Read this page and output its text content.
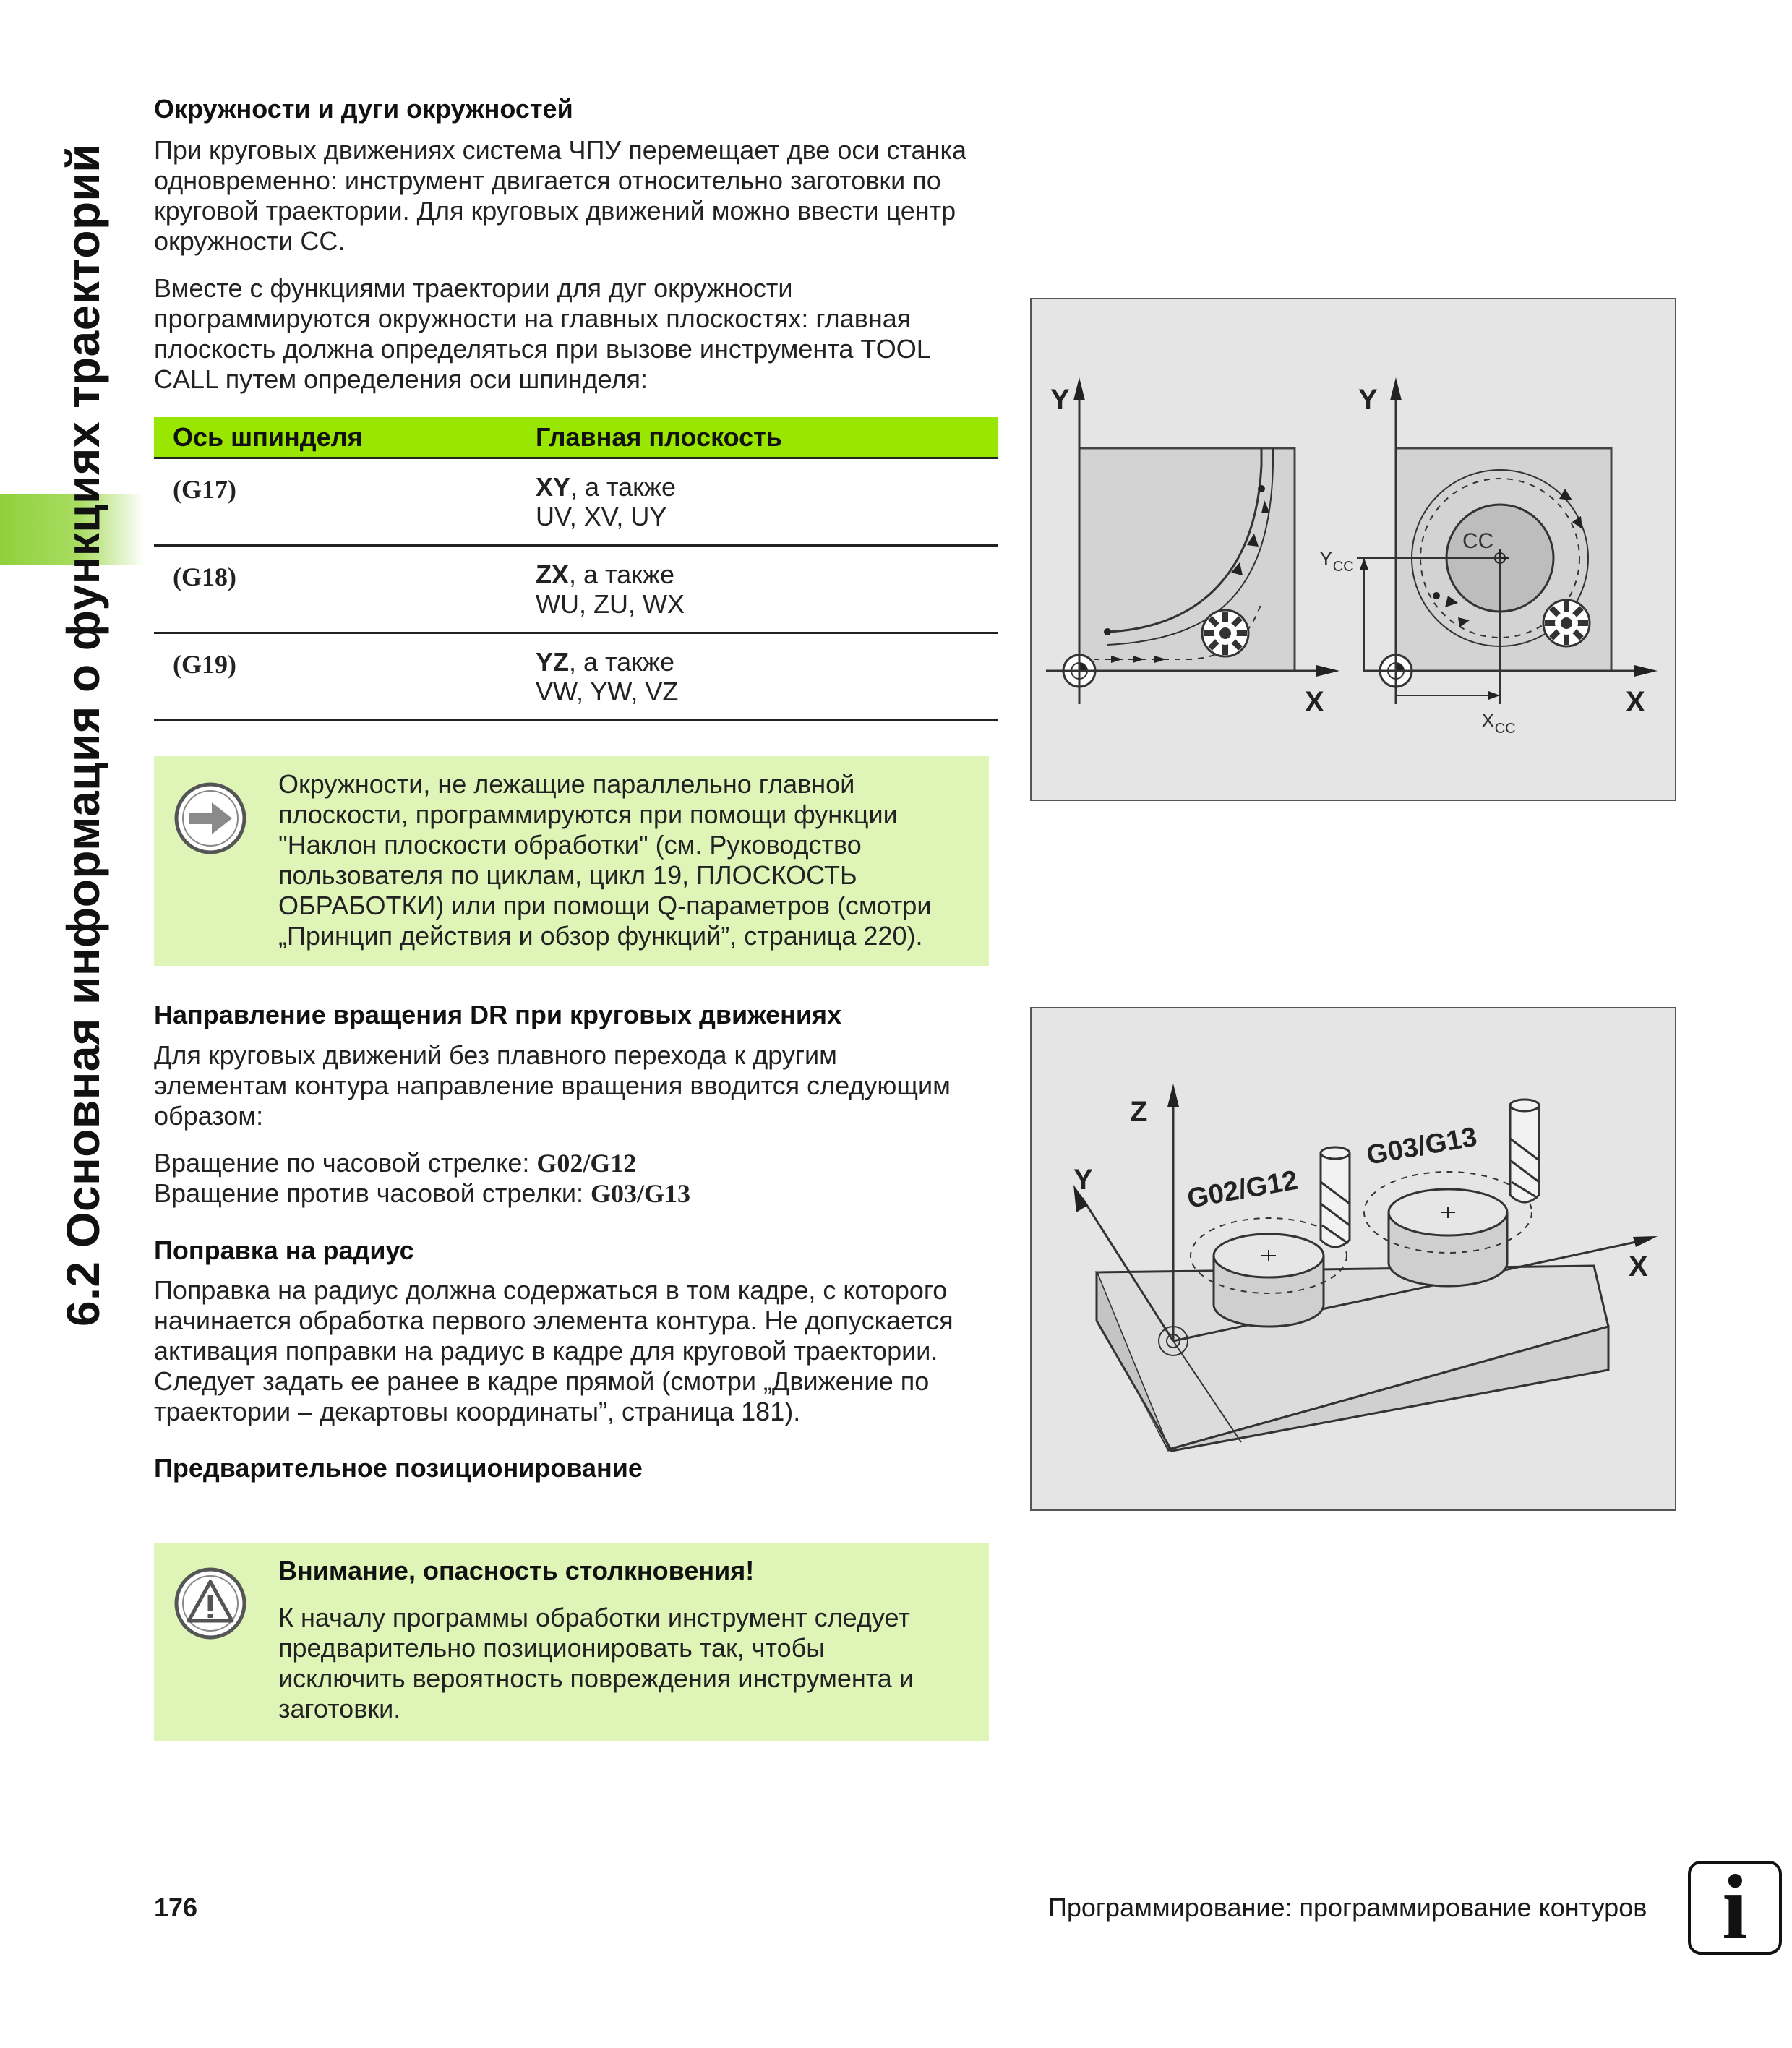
6.2 Основная информация о функциях траекторий
Окружности и дуги окружностей
При круговых движениях система ЧПУ перемещает две оси станка
одновременно: инструмент двигается относительно заготовки по
круговой траектории. Для круговых движений можно ввести центр
окружности CC.
Вместе с функциями траектории для дуг окружности
программируются окружности на главных плоскостях: главная
плоскость должна определяться при вызове инструмента TOOL
CALL путем определения оси шпинделя:
Ось шпинделя	Главная плоскость
(G17)	XY, а также
UV, XV, UY
(G18)	ZX, а также
WU, ZU, WX
(G19)	YZ, а также
VW, YW, VZ
Окружности, не лежащие параллельно главной
плоскости, программируются при помощи функции
"Наклон плоскости обработки" (см. Руководство
пользователя по циклам, цикл 19, ПЛОСКОСТЬ
ОБРАБОТКИ) или при помощи Q-параметров (смотри
„Принцип действия и обзор функций”, страница 220).
Направление вращения DR при круговых движениях
Для круговых движений без плавного перехода к другим
элементам контура направление вращения вводится следующим
образом:
Вращение по часовой стрелке: G02/G12
Вращение против часовой стрелки: G03/G13
Поправка на радиус
Поправка на радиус должна содержаться в том кадре, с которого
начинается обработка первого элемента контура. Не допускается
активация поправки на радиус в кадре для круговой траектории.
Следует задать ее ранее в кадре прямой (смотри „Движение по
траектории – декартовы координаты”, страница 181).
Предварительное позиционирование
Внимание, опасность столкновения!
К началу программы обработки инструмент следует
предварительно позиционировать так, чтобы
исключить вероятность повреждения инструмента и
заготовки.
Y
X
CC
$Y_{CC}$
$X_{CC}$
Y
X
Z
Y
X
G02/G12
G03/G13
176	Программирование: программирование контуров i
